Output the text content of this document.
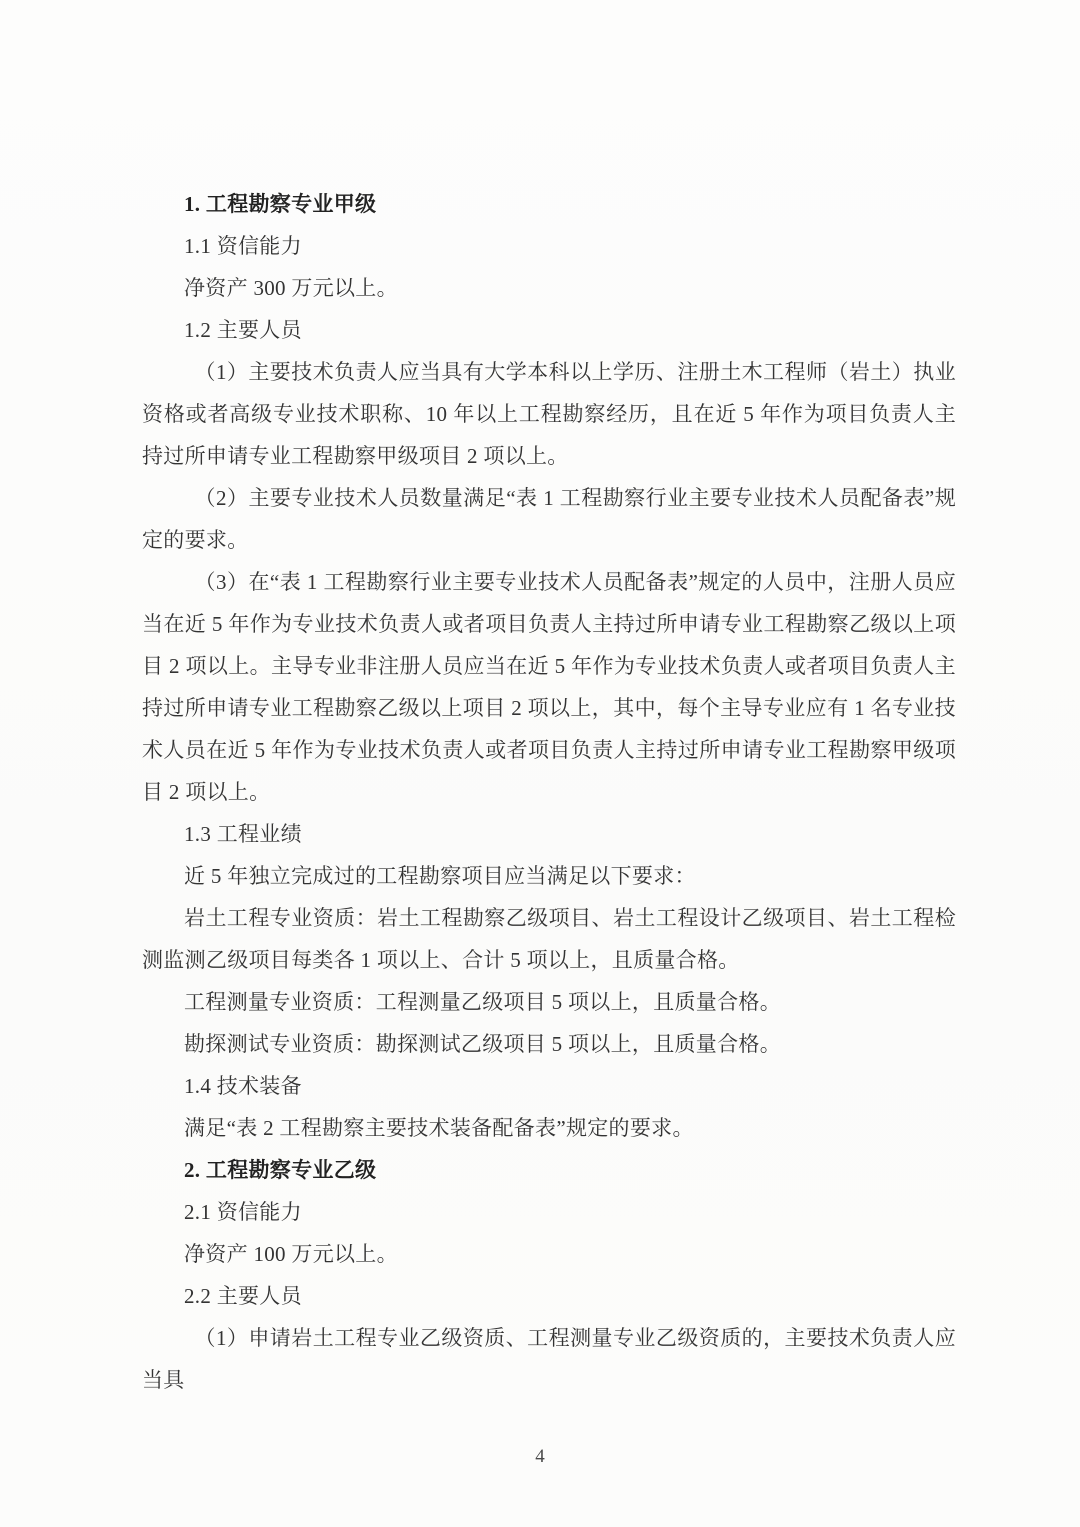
1. 工程勘察专业甲级

1.1 资信能力

净资产 300 万元以上。

1.2 主要人员

（1）主要技术负责人应当具有大学本科以上学历、注册土木工程师（岩土）执业资格或者高级专业技术职称、10 年以上工程勘察经历，且在近 5 年作为项目负责人主持过所申请专业工程勘察甲级项目 2 项以上。

（2）主要专业技术人员数量满足“表 1 工程勘察行业主要专业技术人员配备表”规定的要求。

（3）在“表 1 工程勘察行业主要专业技术人员配备表”规定的人员中，注册人员应当在近 5 年作为专业技术负责人或者项目负责人主持过所申请专业工程勘察乙级以上项目 2 项以上。主导专业非注册人员应当在近 5 年作为专业技术负责人或者项目负责人主持过所申请专业工程勘察乙级以上项目 2 项以上，其中，每个主导专业应有 1 名专业技术人员在近 5 年作为专业技术负责人或者项目负责人主持过所申请专业工程勘察甲级项目 2 项以上。

1.3 工程业绩

近 5 年独立完成过的工程勘察项目应当满足以下要求：

岩土工程专业资质：岩土工程勘察乙级项目、岩土工程设计乙级项目、岩土工程检测监测乙级项目每类各 1 项以上、合计 5 项以上，且质量合格。

工程测量专业资质：工程测量乙级项目 5 项以上，且质量合格。

勘探测试专业资质：勘探测试乙级项目 5 项以上，且质量合格。

1.4 技术装备

满足“表 2 工程勘察主要技术装备配备表”规定的要求。

2. 工程勘察专业乙级

2.1 资信能力

净资产 100 万元以上。

2.2 主要人员

（1）申请岩土工程专业乙级资质、工程测量专业乙级资质的，主要技术负责人应当具

4
